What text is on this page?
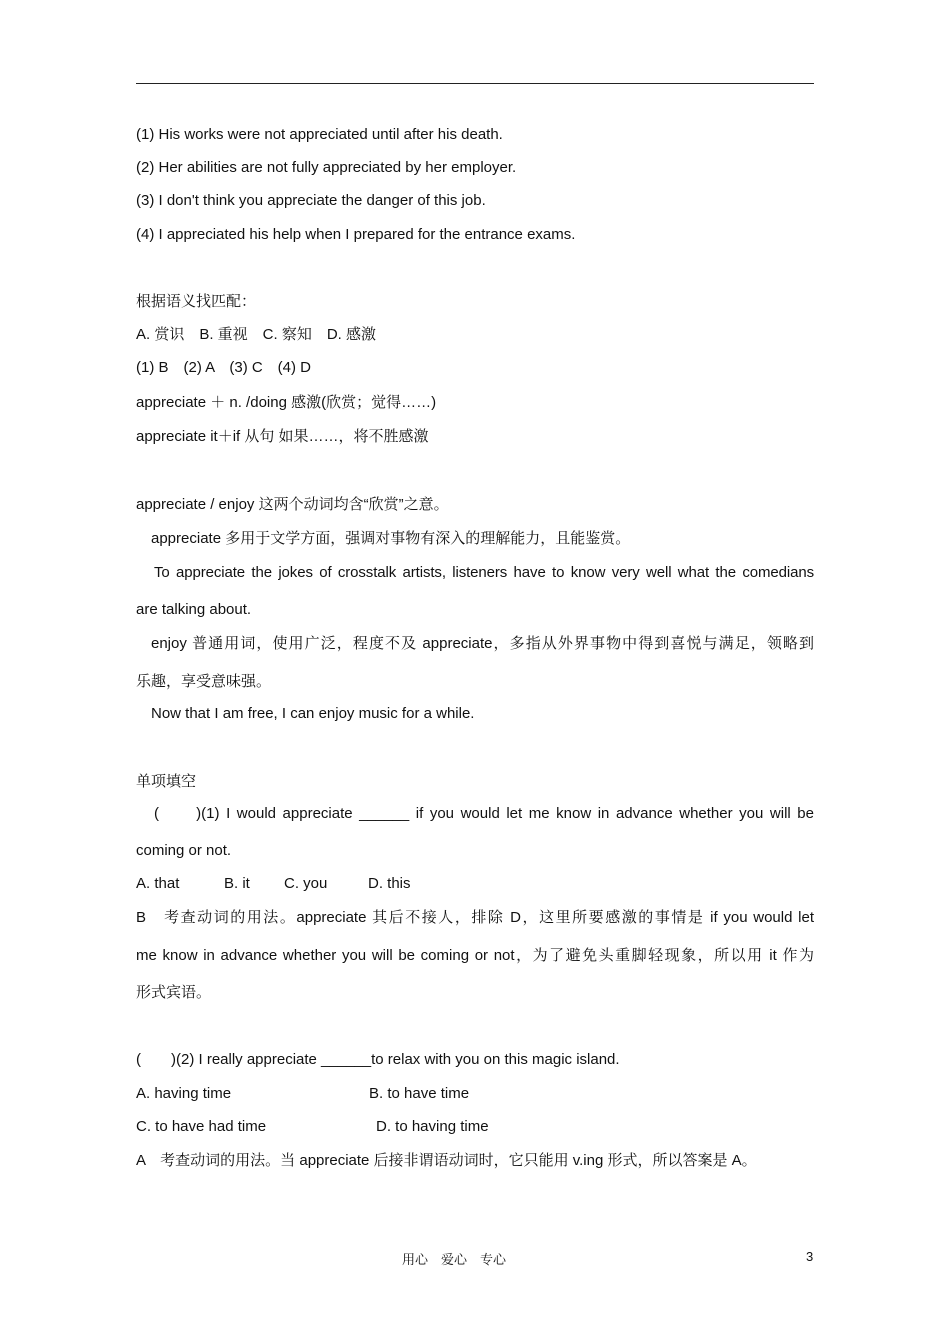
(1) His works were not appreciated until after his death.
(2) Her abilities are not fully appreciated by her employer.
(3) I don't think you appreciate the danger of this job.
(4) I appreciated his help when I prepared for the entrance exams.
根据语义找匹配：
A. 赏识　B. 重视　C. 察知　D. 感激
(1) B　(2) A　(3) C　(4) D
appreciate ＋ n. /doing 感激(欣赏；觉得……)
appreciate it＋if 从句 如果……，将不胜感激
appreciate / enjoy 这两个动词均含“欣赏”之意。
appreciate 多用于文学方面，强调对事物有深入的理解能力，且能鉴赏。
To appreciate the jokes of crosstalk artists, listeners have to know very well what the comedians
are talking about.
enjoy 普通用词，使用广泛，程度不及 appreciate，多指从外界事物中得到喜悦与满足，领略到
乐趣，享受意味强。
Now that I am free, I can enjoy music for a while.
单项填空
(　　)(1) I would appreciate ______ if you would let me know in advance whether you will be
coming or not.
A. that	B. it C. you	D. this
B　考查动词的用法。appreciate 其后不接人，排除 D，这里所要感激的事情是 if you would let
me know in advance whether you will be coming or not，为了避免头重脚轻现象，所以用 it 作为
形式宾语。
(　　)(2) I really appreciate ______to relax with you on this magic island.
A. having time	B. to have time
C. to have had time	D. to having time
A　考查动词的用法。当 appreciate 后接非谓语动词时，它只能用 v.ing 形式，所以答案是 A。
用心　爱心　专心	3
